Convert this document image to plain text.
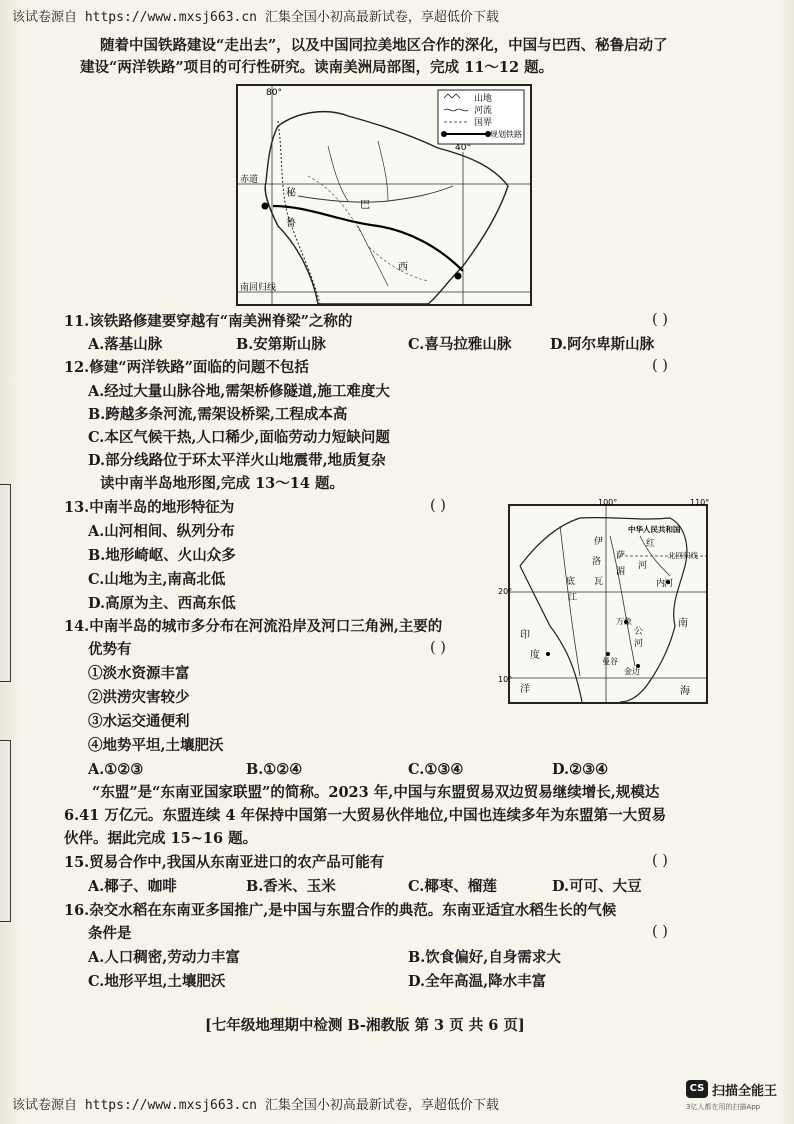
该试卷源自 https://www.mxsj663.cn 汇集全国小初高最新试卷，享超低价下载
随着中国铁路建设“走出去”，以及中国同拉美地区合作的深化，中国与巴西、秘鲁启动了
建设“两洋铁路”项目的可行性研究。读南美洲局部图，完成 11～12 题。
山地
河流
国界
规划铁路
80°
40°
赤道
南回归线
秘
鲁
巴
西
11.该铁路修建要穿越有“南美洲脊梁”之称的	( )
A.落基山脉	B.安第斯山脉	C.喜马拉雅山脉	D.阿尔卑斯山脉
12.修建“两洋铁路”面临的问题不包括	( )
A.经过大量山脉谷地,需架桥修隧道,施工难度大
B.跨越多条河流,需架设桥梁,工程成本高
C.本区气候干热,人口稀少,面临劳动力短缺问题
D.部分线路位于环太平洋火山地震带,地质复杂
读中南半岛地形图,完成 13～14 题。
100°	110°
20°
10°
中华人民共和国
北回归线
伊
洛
瓦
底
江
萨
湄
红
河
内
河
万象
曼谷
金边
印
度
洋
南
海
河
公
13.中南半岛的地形特征为	( )
A.山河相间、纵列分布
B.地形崎岖、火山众多
C.山地为主,南高北低
D.高原为主、西高东低
14.中南半岛的城市多分布在河流沿岸及河口三角洲,主要的
优势有	( )
①淡水资源丰富
②洪涝灾害较少
③水运交通便利
④地势平坦,土壤肥沃
A.①②③	B.①②④	C.①③④	D.②③④
“东盟”是“东南亚国家联盟”的简称。2023 年,中国与东盟贸易双边贸易继续增长,规模达
6.41 万亿元。东盟连续 4 年保持中国第一大贸易伙伴地位,中国也连续多年为东盟第一大贸易
伙伴。据此完成 15~16 题。
15.贸易合作中,我国从东南亚进口的农产品可能有	( )
A.椰子、咖啡	B.香米、玉米	C.椰枣、榴莲	D.可可、大豆
16.杂交水稻在东南亚多国推广,是中国与东盟合作的典范。东南亚适宜水稻生长的气候
条件是	( )
A.人口稠密,劳动力丰富	B.饮食偏好,自身需求大
C.地形平坦,土壤肥沃	D.全年高温,降水丰富
[七年级地理期中检测 B-湘教版 第 3 页 共 6 页]
该试卷源自 https://www.mxsj663.cn 汇集全国小初高最新试卷，享超低价下载
CS 扫描全能王
3亿人都在用的扫描App
